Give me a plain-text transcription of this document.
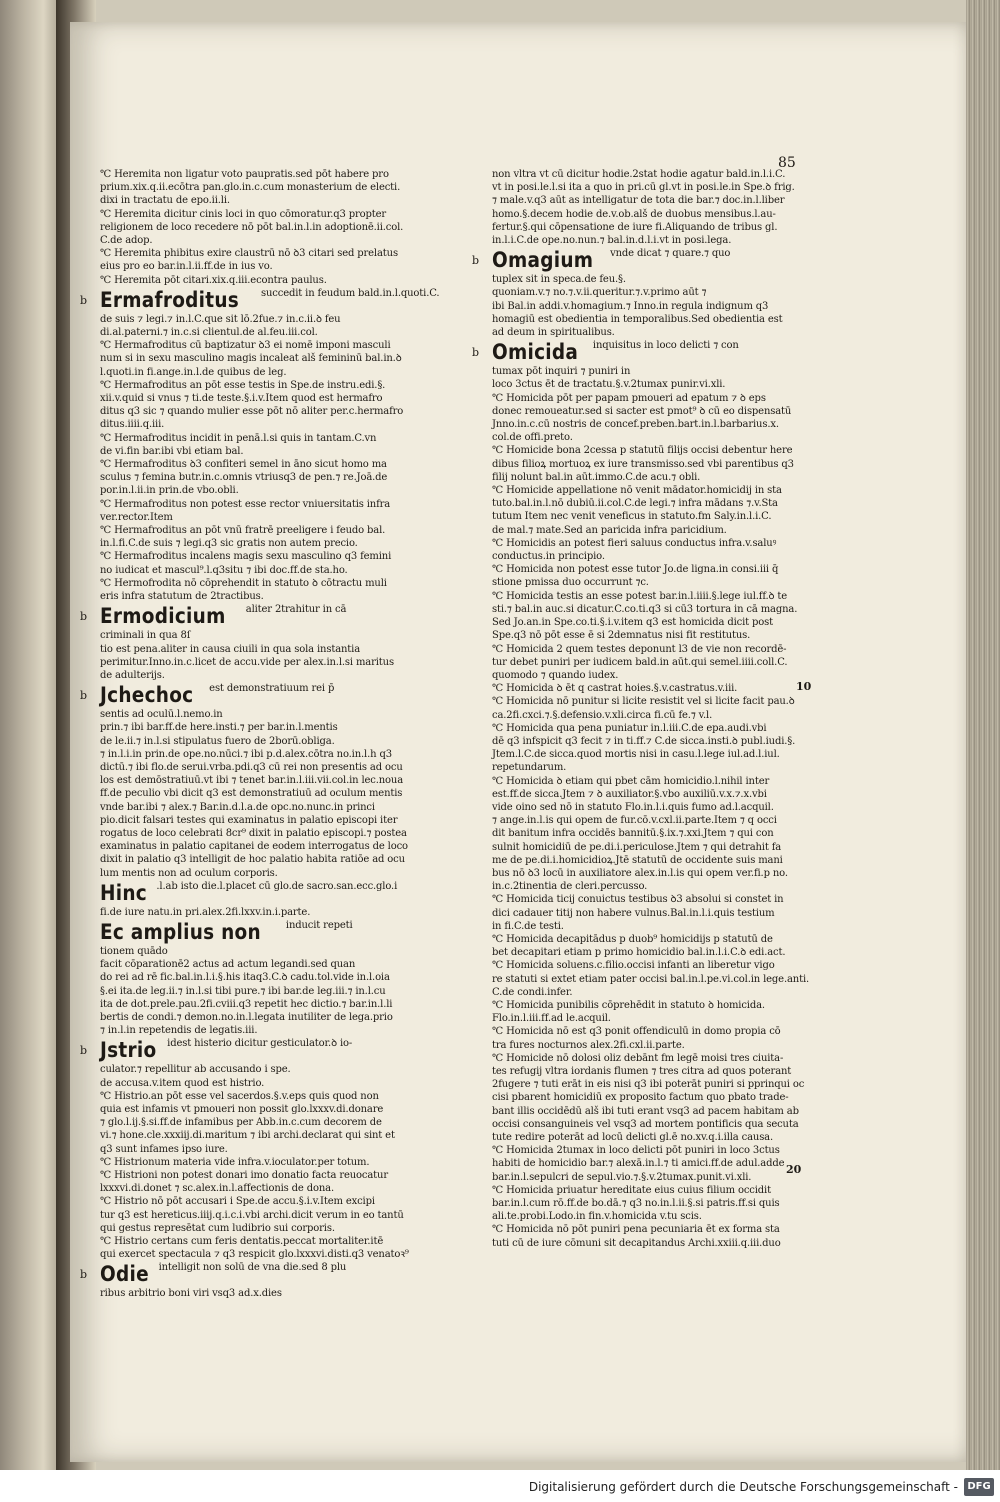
85
10
20
℃ Heremita non ligatur voto paupratis.sed pōt habere pro
prium.xix.q.ii.ecōtra pan.glo.in.c.cum monasterium de electi.
dixi in tractatu de epo.ii.li.
℃ Heremita dicitur cinis loci in quo cōmoratur.q3 propter
religionem de loco recedere nō pōt bal.in.l.in adoptionē.ii.col.
C.de adop.
℃ Heremita phibitus exire claustrū nō ꝺ3 citari sed prelatus
eius pro eo bar.in.l.ii.ff.de in ius vo.
℃ Heremita pōt citari.xix.q.iii.econtra paulus.
b Ermafroditus succedit in feudum bald.in.l.quoti.C.
de suis ⁊ legi.⁊ in.l.C.que sit lō.2fue.⁊ in.c.ii.ꝺ feu
di.al.paterni.⁊ in.c.si clientul.de al.feu.iii.col.
℃ Hermafroditus cū baptizatur ꝺ3 ei nomē imponi masculi
num si in sexu masculino magis incaleat alš femininū bal.in.ꝺ
l.quoti.in fi.ange.in.l.de quibus de leg.
℃ Hermafroditus an pōt esse testis in Spe.de instru.edi.§.
xii.v.quid si vnus ⁊ ti.de teste.§.i.v.Item quod est hermafro
ditus q3 sic ⁊ quando mulier esse pōt nō aliter per.c.hermafro
ditus.iiii.q.iii.
℃ Hermafroditus incidit in penā.l.si quis in tantam.C.vn
de vi.fin bar.ibi vbi etiam bal.
℃ Hermafroditus ꝺ3 confiteri semel in āno sicut homo ma
sculus ⁊ femina butr.in.c.omnis vtriusq3 de pen.⁊ re.Joā.de
por.in.l.ii.in prin.de vbo.obli.
℃ Hermafroditus non potest esse rector vniuersitatis infra
ver.rector.Item
℃ Hermafroditus an pōt vnū fratrē preeligere i feudo bal.
in.l.fi.C.de suis ⁊ legi.q3 sic gratis non autem precio.
℃ Hermafroditus incalens magis sexu masculino q3 femini
no iudicat et mascul⁹.l.q3situ ⁊ ibi doc.ff.de sta.ho.
℃ Hermofrodita nō cōprehendit in statuto ꝺ cōtractu muli
eris infra statutum de 2tractibus.
b Ermodicium aliter 2trahitur in cā
criminali in qua 8ſ
tio est pena.aliter in causa ciuili in qua sola instantia
perimitur.Inno.in.c.licet de accu.vide per alex.in.l.si maritus
de adulterijs.
b Jchechoc est demonstratiuum rei p̄
sentis ad oculū.l.nemo.in
prin.⁊ ibi bar.ff.de here.insti.⁊ per bar.in.l.mentis
de le.ii.⁊ in.l.si stipulatus fuero de 2borū.obliga.
⁊ in.l.i.in prin.de ope.no.nūci.⁊ ibi p.d.alex.cōtra no.in.l.h q3
dictū.⁊ ibi flo.de serui.vrba.pdi.q3 cū rei non presentis ad ocu
los est demōstratiuū.vt ibi ⁊ tenet bar.in.l.iii.vii.col.in lec.noua
ff.de peculio vbi dicit q3 est demonstratiuū ad oculum mentis
vnde bar.ibi ⁊ alex.⁊ Bar.in.d.l.a.de opc.no.nunc.in princi
pio.dicit falsari testes qui examinatus in palatio episcopi iter
rogatus de loco celebrati 8cr⁹ dixit in palatio episcopi.⁊ postea
examinatus in palatio capitanei de eodem interrogatus de loco
dixit in palatio q3 intelligit de hoc palatio habita ratiōe ad ocu
lum mentis non ad oculum corporis.
Hinc .l.ab isto die.l.placet cū glo.de sacro.san.ecc.glo.i
fi.de iure natu.in pri.alex.2fi.lxxv.in.i.parte.
Ec amplius non inducit repeti
tionem quādo
facit cōparationē2 actus ad actum legandi.sed quan
do rei ad rē fic.bal.in.l.i.§.his itaq3.C.ꝺ cadu.tol.vide in.l.oia
§.ei ita.de leg.ii.⁊ in.l.si tibi pure.⁊ ibi bar.de leg.iii.⁊ in.l.cu
ita de dot.prele.pau.2fi.cviii.q3 repetit hec dictio.⁊ bar.in.l.li
bertis de condi.⁊ demon.no.in.l.legata inutiliter de lega.prio
⁊ in.l.in repetendis de legatis.iii.
b Jstrio idest histerio dicitur gesticulator.ꝺ io-
culator.⁊ repellitur ab accusando i spe.
de accusa.v.item quod est histrio.
℃ Histrio.an pōt esse vel sacerdos.§.v.eps quis quod non
quia est infamis vt pmoueri non possit glo.lxxxv.di.donare
⁊ glo.l.ij.§.si.ff.de infamibus per Abb.in.c.cum decorem de
vi.⁊ hone.cle.xxxiij.di.maritum ⁊ ibi archi.declarat qui sint et
q3 sunt infames ipso iure.
℃ Histrionum materia vide infra.v.ioculator.per totum.
℃ Histrioni non potest donari imo donatio facta reuocatur
lxxxvi.di.donet ⁊ sc.alex.in.l.affectionis de dona.
℃ Histrio nō pōt accusari i Spe.de accu.§.i.v.Item excipi
tur q3 est hereticus.iiij.q.i.c.i.vbi archi.dicit verum in eo tantū
qui gestus represētat cum ludibrio sui corporis.
℃ Histrio certans cum feris dentatis.peccat mortaliter.itē
qui exercet spectacula ⁊ q3 respicit glo.lxxxvi.disti.q3 venatoꝛ⁹
b Odie intelligit non solū de vna die.sed 8 plu
ribus arbitrio boni viri vsq3 ad.x.dies
non vltra vt cū dicitur hodie.2stat hodie agatur bald.in.l.i.C.
vt in posi.le.l.si ita a quo in pri.cū gl.vt in posi.le.in Spe.ꝺ frig.
⁊ male.v.q3 aūt as intelligatur de tota die bar.⁊ doc.in.l.liber
homo.§.decem hodie de.v.ob.alš de duobus mensibus.l.au-
fertur.§.qui cōpensatione de iure fi.Aliquando de tribus gl.
in.l.i.C.de ope.no.nun.⁊ bal.in.d.l.i.vt in posi.lega.
b Omagium vnde dicat ⁊ quare.⁊ quo
tuplex sit in speca.de feu.§.
quoniam.v.⁊ no.⁊.v.ii.queritur.⁊.v.primo aūt ⁊
ibi Bal.in addi.v.homagium.⁊ Inno.in regula indignum q3
homagiū est obedientia in temporalibus.Sed obedientia est
ad deum in spiritualibus.
b Omicida inquisitus in loco delicti ⁊ con
tumax pōt inquiri ⁊ puniri in
loco 3ctus ēt de tractatu.§.v.2tumax punir.vi.xli.
℃ Homicida pōt per papam pmoueri ad epatum ⁊ ꝺ eps
donec remoueatur.sed si sacter est pmot⁹ ꝺ cū eo dispensatū
Jnno.in.c.cū nostris de concef.preben.bart.in.l.barbarius.x.
col.de offi.preto.
℃ Homicide bona 2cessa p statutū filijs occisi debentur here
dibus filioꝝ mortuoꝝ ex iure transmisso.sed vbi parentibus q3
filij nolunt bal.in aūt.immo.C.de acu.⁊ obli.
℃ Homicide appellatione nō venit mādator.homicidij in sta
tuto.bal.in.l.nō dubiū.ii.col.C.de legi.⁊ infra mādans ⁊.v.Sta
tutum Item nec venit veneficus in statuto.fm Saly.in.l.i.C.
de mal.⁊ mate.Sed an paricida infra paricidium.
℃ Homicidis an potest fieri saluus conductus infra.v.saluꝰ
conductus.in principio.
℃ Homicida non potest esse tutor Jo.de ligna.in consi.iii q̄
stione pmissa duo occurrunt ⁊c.
℃ Homicida testis an esse potest bar.in.l.iiii.§.lege iul.ff.ꝺ te
sti.⁊ bal.in auc.si dicatur.C.co.ti.q3 si cū3 tortura in cā magna.
Sed Jo.an.in Spe.co.ti.§.i.v.item q3 est homicida dicit post
Spe.q3 nō pōt esse ē si 2demnatus nisi fit restitutus.
℃ Homicida 2 quem testes deponunt l3 de vie non recordē-
tur debet puniri per iudicem bald.in aūt.qui semel.iiii.coll.C.
quomodo ⁊ quando iudex.
℃ Homicida ꝺ ēt q castrat hoies.§.v.castratus.v.iii.
℃ Homicida nō punitur si licite resistit vel si licite facit pau.ꝺ
ca.2fi.cxci.⁊.§.defensio.v.xli.circa fi.cū fe.⁊ v.l.
℃ Homicida qua pena puniatur in.l.iii.C.de epa.audi.vbi
dē q3 infspicit q3 fecit ⁊ in ti.ff.⁊ C.de sicca.insti.ꝺ publ.iudi.§.
Jtem.l.C.de sicca.quod mortis nisi in casu.l.lege iul.ad.l.iul.
repetundarum.
℃ Homicida ꝺ etiam qui pbet cām homicidio.l.nihil inter
est.ff.de sicca.Jtem ⁊ ꝺ auxiliator.§.vbo auxiliū.v.x.⁊.x.vbi
vide oino sed nō in statuto Flo.in.l.i.quis fumo ad.l.acquil.
⁊ ange.in.l.is qui opem de fur.cō.v.cxl.ii.parte.Item ⁊ q occi
dit banitum infra occidēs bannitū.§.ix.⁊.xxi.Jtem ⁊ qui con
sulnit homicidiū de pe.di.i.periculose.Jtem ⁊ qui detrahit fa
me de pe.di.i.homicidioꝝ.Jtē statutū de occidente suis mani
bus nō ꝺ3 locū in auxiliatore alex.in.l.is qui opem ver.fi.p no.
in.c.2tinentia de cleri.percusso.
℃ Homicida ticij conuictus testibus ꝺ3 absolui si constet in
dici cadauer titij non habere vulnus.Bal.in.l.i.quis testium
in fi.C.de testi.
℃ Homicida decapitādus p duob⁹ homicidijs p statutū de
bet decapitari etiam p primo homicidio bal.in.l.i.C.ꝺ edi.act.
℃ Homicida soluens.c.filio.occisi infanti an liberetur vigo
re statuti si extet etiam pater occisi bal.in.l.pe.vi.col.in lege.anti.
C.de condi.infer.
℃ Homicida punibilis cōprehēdit in statuto ꝺ homicida.
Flo.in.l.iii.ff.ad le.acquil.
℃ Homicida nō est q3 ponit offendiculū in domo propia cō
tra fures nocturnos alex.2fi.cxl.ii.parte.
℃ Homicide nō dolosi oliz debānt fm legē moisi tres ciuita-
tes refugij vltra iordanis flumen ⁊ tres citra ad quos poterant
2fugere ⁊ tuti erāt in eis nisi q3 ibi poterāt puniri si pprinqui oc
cisi pbarent homicidiū ex proposito factum quo pbato trade-
bant illis occidēdū alš ibi tuti erant vsq3 ad pacem habitam ab
occisi consanguineis vel vsq3 ad mortem pontificis qua secuta
tute redire poterāt ad locū delicti gl.ē no.xv.q.i.illa causa.
℃ Homicida 2tumax in loco delicti pōt puniri in loco 3ctus
habiti de homicidio bar.⁊ alexā.in.l.⁊ ti amici.ff.de adul.adde
bar.in.l.sepulcri de sepul.vio.⁊.§.v.2tumax.punit.vi.xli.
℃ Homicida priuatur hereditate eius cuius filium occidit
bar.in.l.cum rō.ff.de bo.dā.⁊ q3 no.in.l.ii.§.si patris.ff.si quis
ali.te.probi.Lodo.in fin.v.homicida v.tu scis.
℃ Homicida nō pōt puniri pena pecuniaria ēt ex forma sta
tuti cū de iure cōmuni sit decapitandus Archi.xxiii.q.iii.duo
Digitalisierung gefördert durch die Deutsche Forschungsgemeinschaft - DFG
